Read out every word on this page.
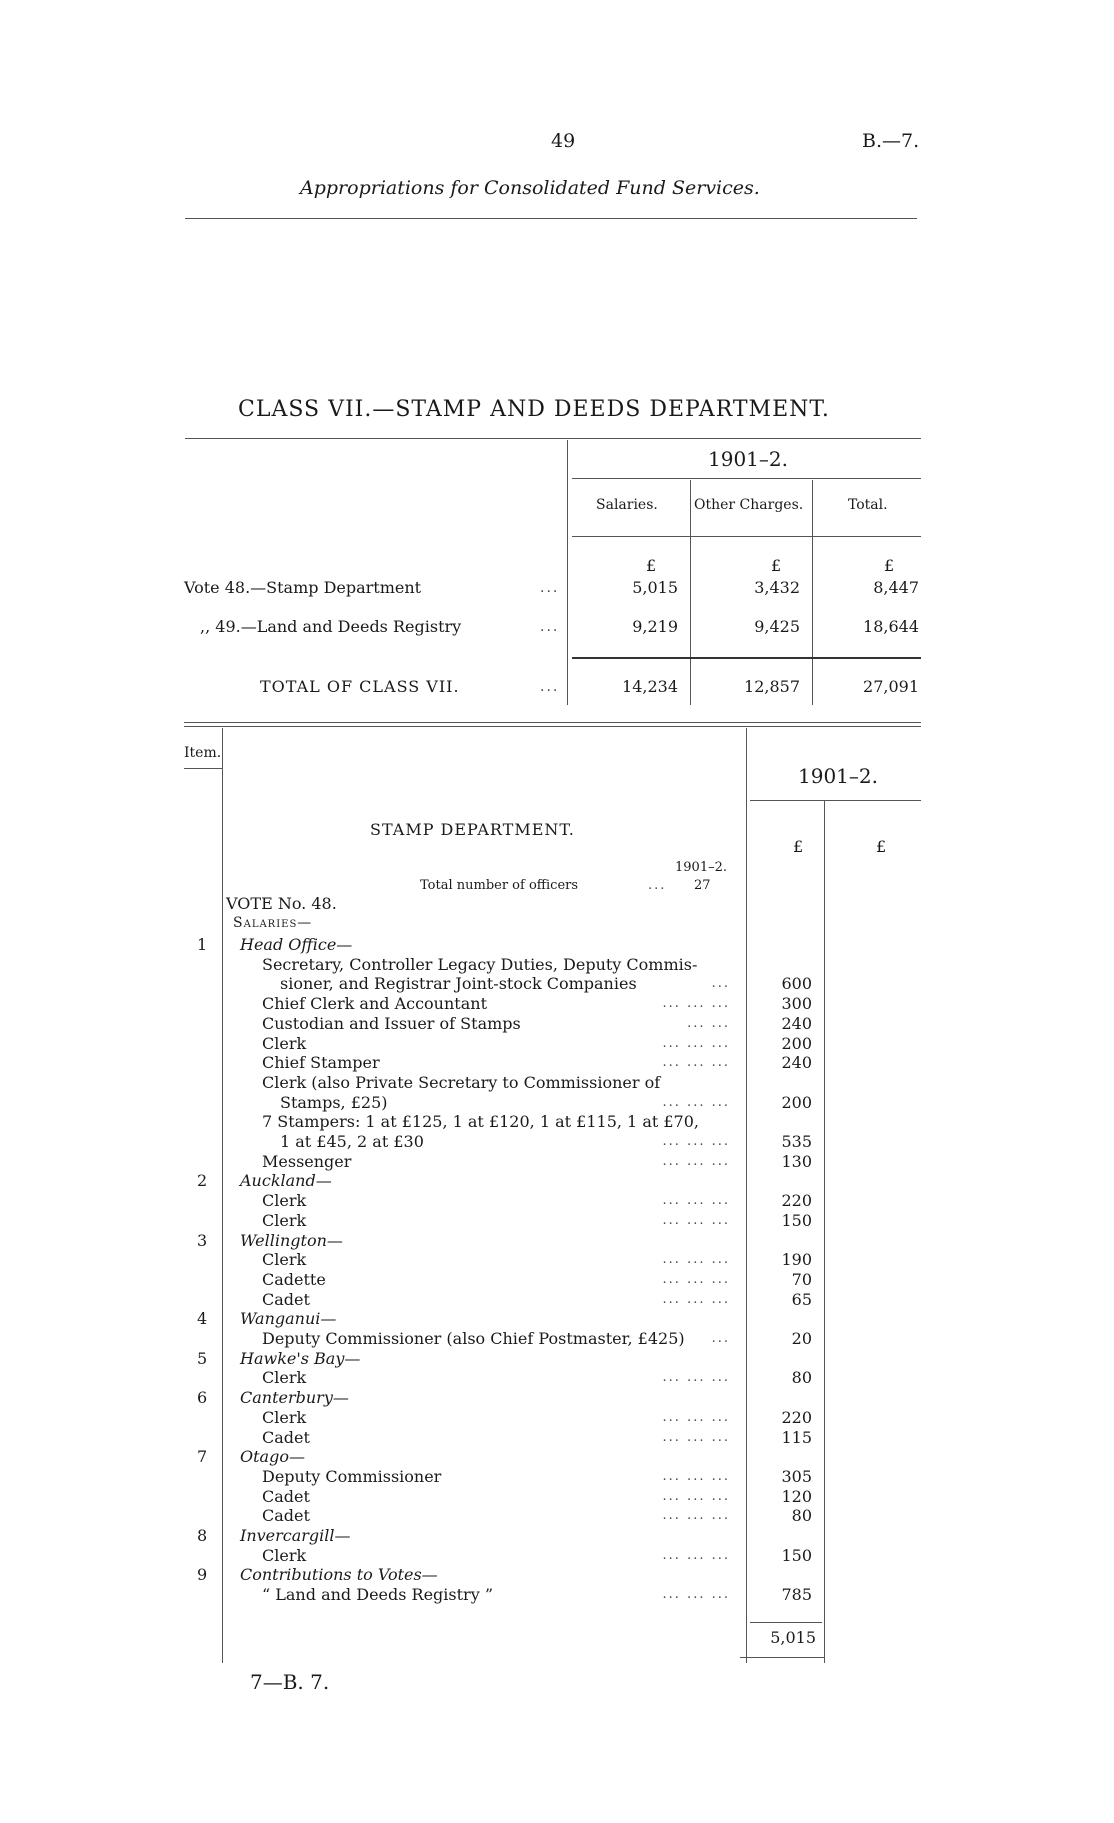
49	B.—7.
Appropriations for Consolidated Fund Services.
CLASS VII.—STAMP AND DEEDS DEPARTMENT.
1901–2.
Salaries.	Other Charges.	Total.
£	£	£
Vote 48.—Stamp Department	...	5,015	3,432	8,447
,, 49.—Land and Deeds Registry	...	9,219	9,425	18,644
TOTAL OF CLASS VII.	...	14,234	12,857	27,091
Item.
1901–2.
£	£
STAMP DEPARTMENT.
1901–2.
Total number of officers	... 27
VOTE No. 48.
Salaries—
1 Head Office—
Secretary, Controller Legacy Duties, Deputy Commis-
sioner, and Registrar Joint-stock Companies	...	600
Chief Clerk and Accountant	... ... ...	300
Custodian and Issuer of Stamps	... ...	240
Clerk	... ... ...	200
Chief Stamper	... ... ...	240
Clerk (also Private Secretary to Commissioner of
Stamps, £25)	... ... ...	200
7 Stampers: 1 at £125, 1 at £120, 1 at £115, 1 at £70,
1 at £45, 2 at £30	... ... ...	535
Messenger	... ... ...	130
2 Auckland—
Clerk	... ... ...	220
Clerk	... ... ...	150
3 Wellington—
Clerk	... ... ...	190
Cadette	... ... ...	70
Cadet	... ... ...	65
4 Wanganui—
Deputy Commissioner (also Chief Postmaster, £425)	...	20
5 Hawke's Bay—
Clerk	... ... ...	80
6 Canterbury—
Clerk	... ... ...	220
Cadet	... ... ...	115
7 Otago—
Deputy Commissioner	... ... ...	305
Cadet	... ... ...	120
Cadet	... ... ...	80
8 Invercargill—
Clerk	... ... ...	150
9 Contributions to Votes—
“ Land and Deeds Registry ”	... ... ...	785
5,015
7—B. 7.
